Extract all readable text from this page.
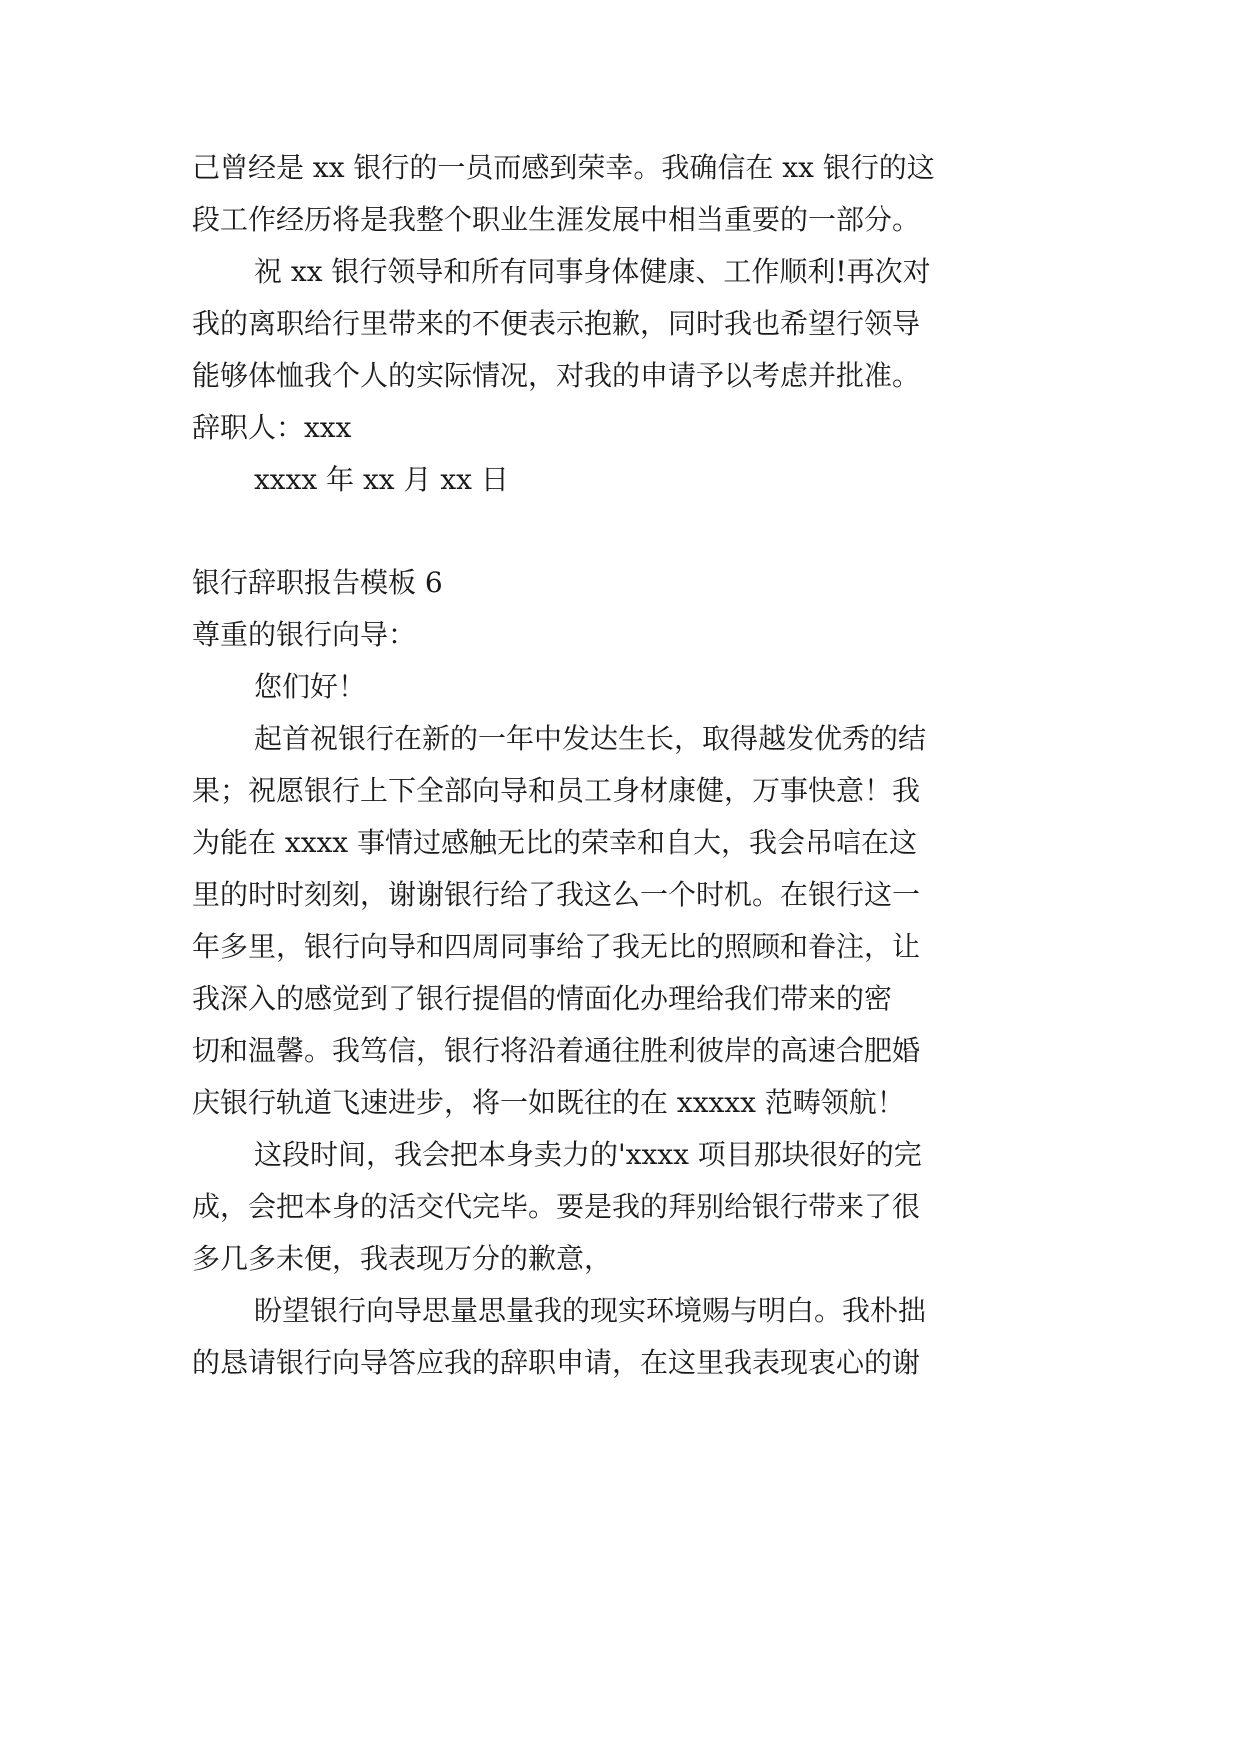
己曾经是 xx 银行的一员而感到荣幸。我确信在 xx 银行的这
段工作经历将是我整个职业生涯发展中相当重要的一部分。
祝 xx 银行领导和所有同事身体健康、工作顺利!再次对
我的离职给行里带来的不便表示抱歉，同时我也希望行领导
能够体恤我个人的实际情况，对我的申请予以考虑并批准。
辞职人：xxx
xxxx 年 xx 月 xx 日
银行辞职报告模板 6
尊重的银行向导：
您们好！
起首祝银行在新的一年中发达生长，取得越发优秀的结
果；祝愿银行上下全部向导和员工身材康健，万事快意！我
为能在 xxxx 事情过感触无比的荣幸和自大，我会吊唁在这
里的时时刻刻，谢谢银行给了我这么一个时机。在银行这一
年多里，银行向导和四周同事给了我无比的照顾和眷注，让
我深入的感觉到了银行提倡的情面化办理给我们带来的密
切和温馨。我笃信，银行将沿着通往胜利彼岸的高速合肥婚
庆银行轨道飞速进步，将一如既往的在 xxxxx 范畴领航！
这段时间，我会把本身卖力的'xxxx 项目那块很好的完
成，会把本身的活交代完毕。要是我的拜别给银行带来了很
多几多未便，我表现万分的歉意，
盼望银行向导思量思量我的现实环境赐与明白。我朴拙
的恳请银行向导答应我的辞职申请，在这里我表现衷心的谢
